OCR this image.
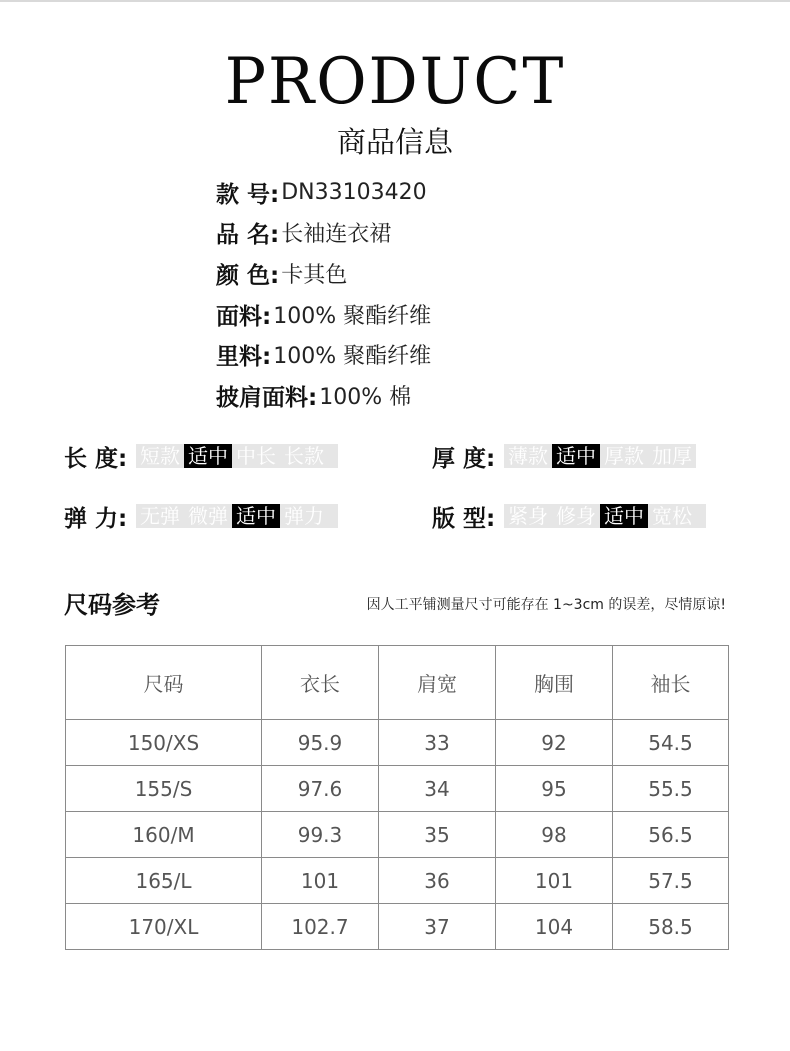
PRODUCT
商品信息
款 号: DN33103420
品 名: 长袖连衣裙
颜 色: 卡其色
面料: 100% 聚酯纤维
里料: 100% 聚酯纤维
披肩面料: 100% 棉
长 度: 短款 适中 中长 长款	厚 度: 薄款 适中 厚款 加厚
弹 力: 无弹 微弹 适中 弹力	版 型: 紧身 修身 适中 宽松
尺码参考	因人工平铺测量尺寸可能存在 1~3cm 的误差，尽情原谅!
尺码	衣长	肩宽	胸围	袖长
150/XS	95.9	33	92	54.5
155/S	97.6	34	95	55.5
160/M	99.3	35	98	56.5
165/L	101	36	101	57.5
170/XL	102.7	37	104	58.5
